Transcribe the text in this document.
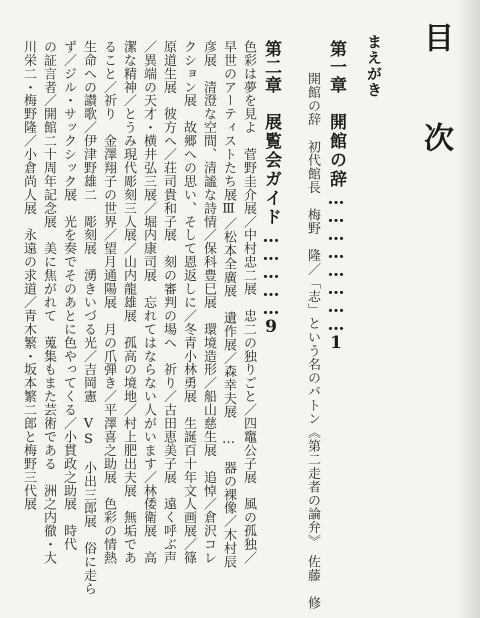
目　次
まえがき
第一章　開館の辞……………………1
開館の辞　初代館長　梅野　隆／「志」という名のバトン《第二走者の論弁》　佐藤　修
第二章　展覧会ガイド……………9
色彩は夢を見よ　菅野圭介展／中村忠二展　忠二の独りごと／四竈公子展　風の孤独／
早世のアーティストたち展Ⅲ／松本全廣展　遺作展／森幸夫展　…　器の裸像／木村辰
彦展　清澄な空間、清謐な詩情／保科豊巳展　環境造形／船山慈生展　追悼／倉沢コレ
クション展　故郷への思い、そして恩返しに／冬青小林勇展　生誕百十年文人画展／篠
原道生展　彼方へ／荘司貴和子展　刻の審判の場へ　祈り／古田恵美子展　遠く呼ぶ声
／異端の天才・横井弘三展／堀内康司展　忘れてはならない人がいます／林倭衛展　高
潔な精神／とうみ現代彫刻三人展／山内龍雄展　孤高の境地／村上肥出夫展　無垢であ
ること／祈り　金澤翔子の世界／望月通陽展　月の爪弾き／平澤喜之助展　色彩の情熱
生命への讃歌／伊津野雄二　彫刻展　湧きいづる光／吉岡憲　VS　小出三郎展　俗に走ら
ず／ジル・サックシック展　光を奏でそのあとに色やってくる／小貫政之助展　時代
の証言者／開館二十周年記念展　美に焦がれて　蒐集もまた芸術である　洲之内徹・大
川栄二・梅野隆／小倉尚人展　永遠の求道／青木繁・坂本繁二郎と梅野三代展
